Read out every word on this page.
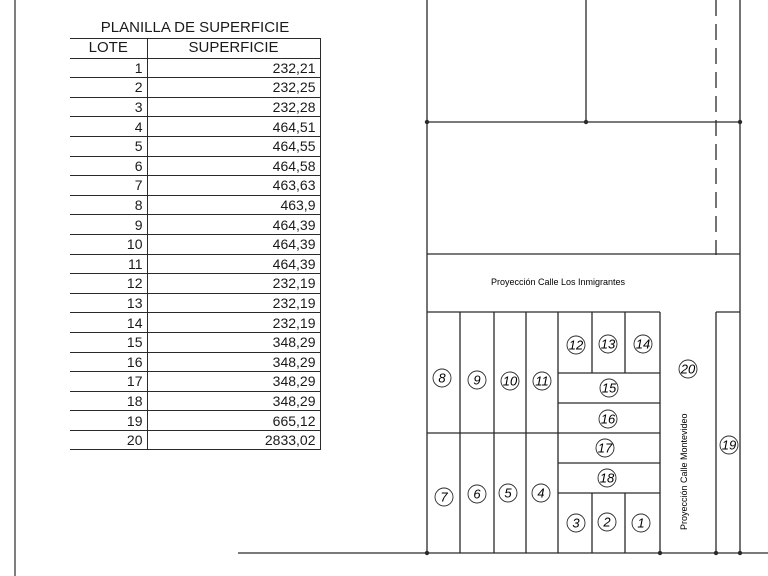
PLANILLA DE SUPERFICIE
LOTE	SUPERFICIE
1	232,21
2	232,25
3	232,28
4	464,51
5	464,55
6	464,58
7	463,63
8	463,9
9	464,39
10	464,39
11	464,39
12	232,19
13	232,19
14	232,19
15	348,29
16	348,29
17	348,29
18	348,29
19	665,12
20	2833,02
Proyección Calle Los Inmigrantes
Proyección Calle Montevideo
1
2
3
4
5
6
7
8 9 10 11
12 13 14
15
16
17
18
19
20
